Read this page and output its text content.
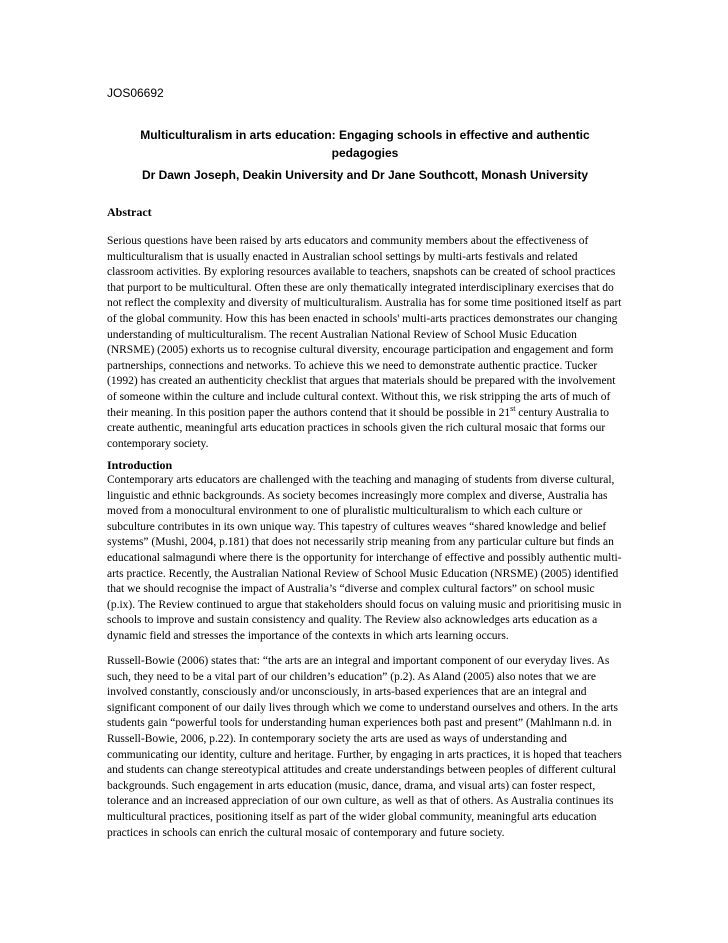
JOS06692
Multiculturalism in arts education: Engaging schools in effective and authentic pedagogies
Dr Dawn Joseph, Deakin University and Dr Jane Southcott, Monash University
Abstract
Serious questions have been raised by arts educators and community members about the effectiveness of multiculturalism that is usually enacted in Australian school settings by multi-arts festivals and related classroom activities. By exploring resources available to teachers, snapshots can be created of school practices that purport to be multicultural. Often these are only thematically integrated interdisciplinary exercises that do not reflect the complexity and diversity of multiculturalism. Australia has for some time positioned itself as part of the global community. How this has been enacted in schools' multi-arts practices demonstrates our changing understanding of multiculturalism. The recent Australian National Review of School Music Education (NRSME) (2005) exhorts us to recognise cultural diversity, encourage participation and engagement and form partnerships, connections and networks. To achieve this we need to demonstrate authentic practice. Tucker (1992) has created an authenticity checklist that argues that materials should be prepared with the involvement of someone within the culture and include cultural context. Without this, we risk stripping the arts of much of their meaning. In this position paper the authors contend that it should be possible in 21st century Australia to create authentic, meaningful arts education practices in schools given the rich cultural mosaic that forms our contemporary society.
Introduction
Contemporary arts educators are challenged with the teaching and managing of students from diverse cultural, linguistic and ethnic backgrounds. As society becomes increasingly more complex and diverse, Australia has moved from a monocultural environment to one of pluralistic multiculturalism to which each culture or subculture contributes in its own unique way. This tapestry of cultures weaves “shared knowledge and belief systems” (Mushi, 2004, p.181) that does not necessarily strip meaning from any particular culture but finds an educational salmagundi where there is the opportunity for interchange of effective and possibly authentic multi-arts practice. Recently, the Australian National Review of School Music Education (NRSME) (2005) identified that we should recognise the impact of Australia’s “diverse and complex cultural factors” on school music (p.ix). The Review continued to argue that stakeholders should focus on valuing music and prioritising music in schools to improve and sustain consistency and quality. The Review also acknowledges arts education as a dynamic field and stresses the importance of the contexts in which arts learning occurs.
Russell-Bowie (2006) states that: “the arts are an integral and important component of our everyday lives. As such, they need to be a vital part of our children’s education” (p.2). As Aland (2005) also notes that we are involved constantly, consciously and/or unconsciously, in arts-based experiences that are an integral and significant component of our daily lives through which we come to understand ourselves and others. In the arts students gain “powerful tools for understanding human experiences both past and present” (Mahlmann n.d. in Russell-Bowie, 2006, p.22). In contemporary society the arts are used as ways of understanding and communicating our identity, culture and heritage. Further, by engaging in arts practices, it is hoped that teachers and students can change stereotypical attitudes and create understandings between peoples of different cultural backgrounds. Such engagement in arts education (music, dance, drama, and visual arts) can foster respect, tolerance and an increased appreciation of our own culture, as well as that of others. As Australia continues its multicultural practices, positioning itself as part of the wider global community, meaningful arts education practices in schools can enrich the cultural mosaic of contemporary and future society.
